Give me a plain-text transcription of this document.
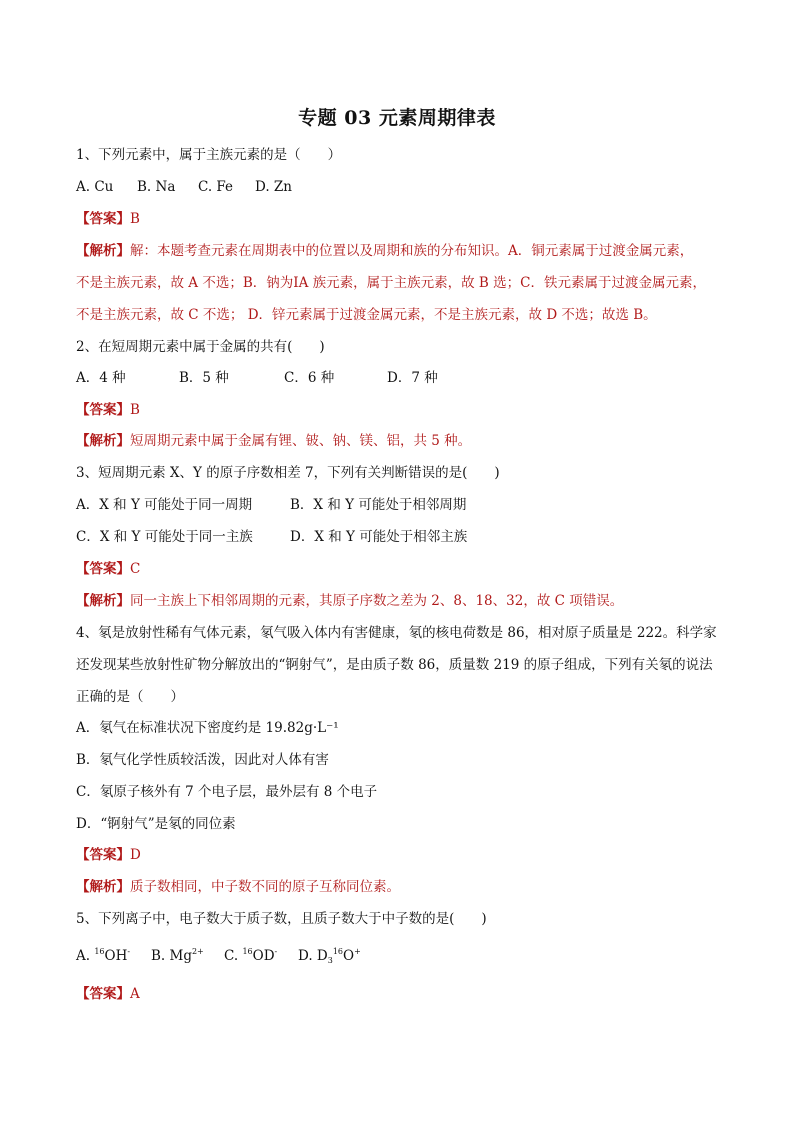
专题 03 元素周期律表
1、下列元素中，属于主族元素的是（　　）
A. Cu B. Na C. Fe D. Zn
【答案】B
【解析】解：本题考查元素在周期表中的位置以及周期和族的分布知识。A．铜元素属于过渡金属元素，
不是主族元素，故 A 不选；B．钠为ⅠA 族元素，属于主族元素，故 B 选；C．铁元素属于过渡金属元素，
不是主族元素，故 C 不选； D．锌元素属于过渡金属元素，不是主族元素，故 D 不选；故选 B。
2、在短周期元素中属于金属的共有(　　)
A．4 种	B．5 种	C．6 种	D．7 种
【答案】B
【解析】短周期元素中属于金属有锂、铍、钠、镁、铝，共 5 种。
3、短周期元素 X、Y 的原子序数相差 7，下列有关判断错误的是(　　)
A．X 和 Y 可能处于同一周期	B．X 和 Y 可能处于相邻周期
C．X 和 Y 可能处于同一主族	D．X 和 Y 可能处于相邻主族
【答案】C
【解析】同一主族上下相邻周期的元素，其原子序数之差为 2、8、18、32，故 C 项错误。
4、氡是放射性稀有气体元素，氡气吸入体内有害健康，氡的核电荷数是 86，相对原子质量是 222。科学家
还发现某些放射性矿物分解放出的“锕射气”，是由质子数 86，质量数 219 的原子组成，下列有关氡的说法
正确的是（　　）
A．氡气在标准状况下密度约是 19.82g·L⁻¹
B．氡气化学性质较活泼，因此对人体有害
C．氡原子核外有 7 个电子层，最外层有 8 个电子
D．“锕射气”是氡的同位素
【答案】D
【解析】质子数相同，中子数不同的原子互称同位素。
5、下列离子中，电子数大于质子数，且质子数大于中子数的是(　　)
A. $^{16}$OH- B. $Mg^{2+}$ C. $^{16}$OD- D. $D_3^{16}O^+$
【答案】A
